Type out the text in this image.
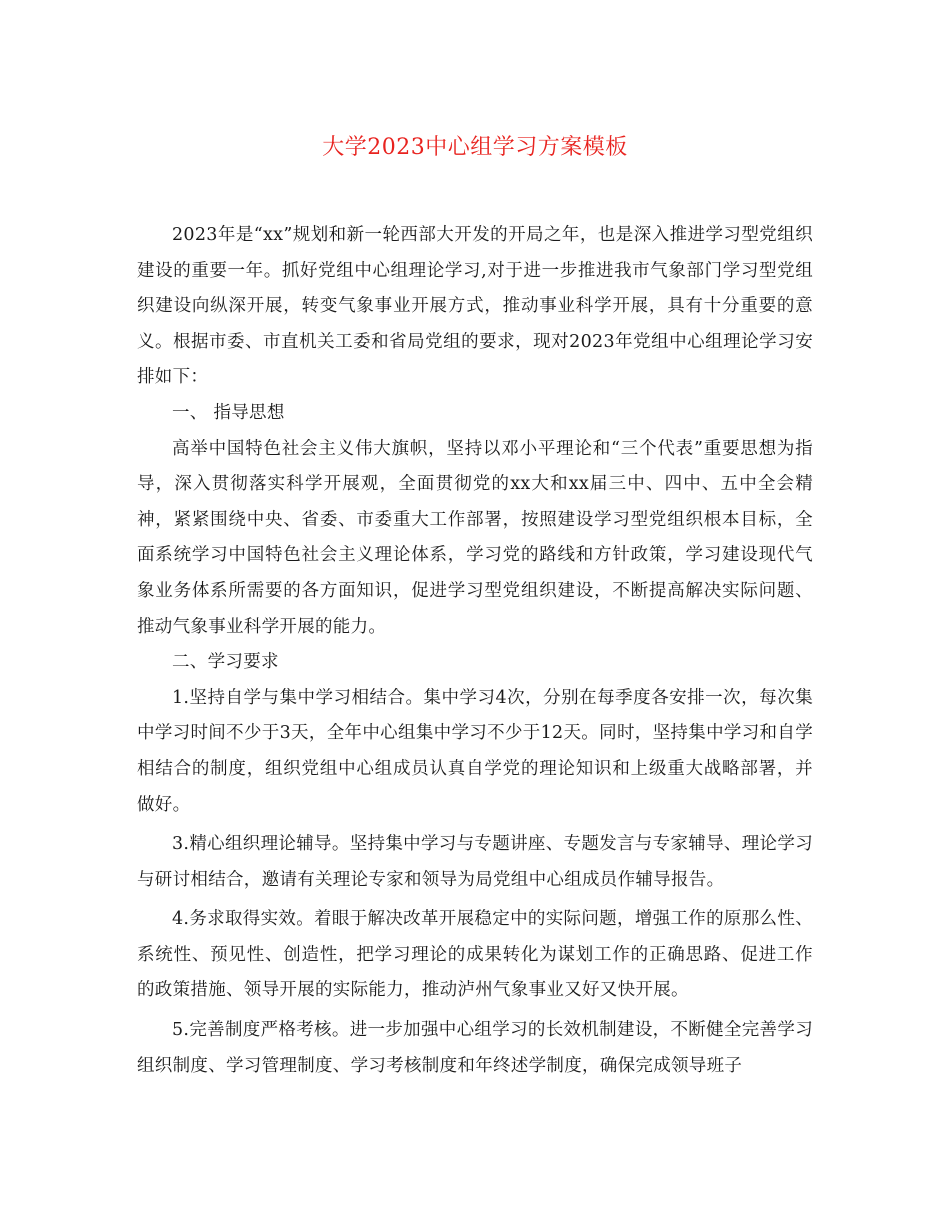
大学2023中心组学习方案模板

2023年是“xx”规划和新一轮西部大开发的开局之年，也是深入推进学习型党组织建设的重要一年。抓好党组中心组理论学习,对于进一步推进我市气象部门学习型党组织建设向纵深开展，转变气象事业开展方式，推动事业科学开展，具有十分重要的意义。根据市委、市直机关工委和省局党组的要求，现对2023年党组中心组理论学习安排如下：

一、 指导思想

高举中国特色社会主义伟大旗帜，坚持以邓小平理论和“三个代表”重要思想为指导，深入贯彻落实科学开展观，全面贯彻党的xx大和xx届三中、四中、五中全会精神，紧紧围绕中央、省委、市委重大工作部署，按照建设学习型党组织根本目标，全面系统学习中国特色社会主义理论体系，学习党的路线和方针政策，学习建设现代气象业务体系所需要的各方面知识，促进学习型党组织建设，不断提高解决实际问题、推动气象事业科学开展的能力。

二、学习要求

1.坚持自学与集中学习相结合。集中学习4次，分别在每季度各安排一次，每次集中学习时间不少于3天，全年中心组集中学习不少于12天。同时，坚持集中学习和自学相结合的制度，组织党组中心组成员认真自学党的理论知识和上级重大战略部署，并做好。

3.精心组织理论辅导。坚持集中学习与专题讲座、专题发言与专家辅导、理论学习与研讨相结合，邀请有关理论专家和领导为局党组中心组成员作辅导报告。

4.务求取得实效。着眼于解决改革开展稳定中的实际问题，增强工作的原那么性、系统性、预见性、创造性，把学习理论的成果转化为谋划工作的正确思路、促进工作的政策措施、领导开展的实际能力，推动泸州气象事业又好又快开展。

5.完善制度严格考核。进一步加强中心组学习的长效机制建设，不断健全完善学习组织制度、学习管理制度、学习考核制度和年终述学制度，确保完成领导班子
